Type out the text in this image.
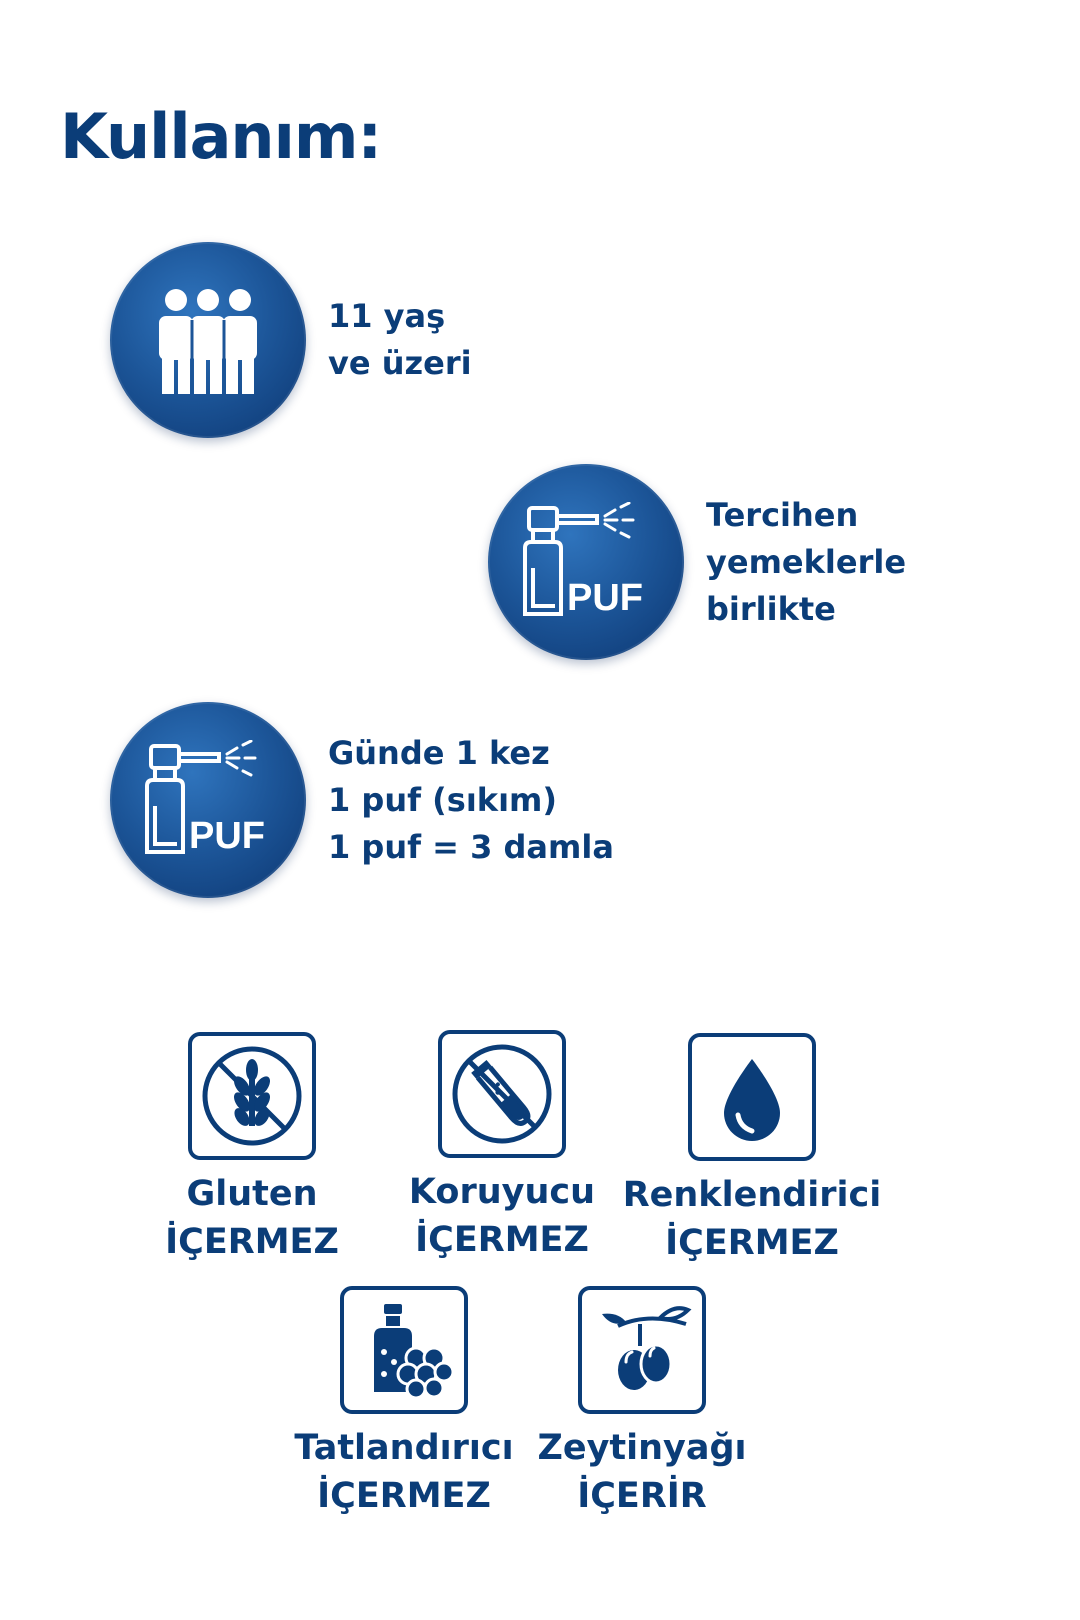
Kullanım:
11 yaş
ve üzeri
PUF
Tercihen
yemeklerle
birlikte
PUF
Günde 1 kez
1 puf (sıkım)
1 puf = 3 damla
Gluten
İÇERMEZ
Koruyucu
İÇERMEZ
Renklendirici
İÇERMEZ
Tatlandırıcı
İÇERMEZ
Zeytinyağı
İÇERİR
